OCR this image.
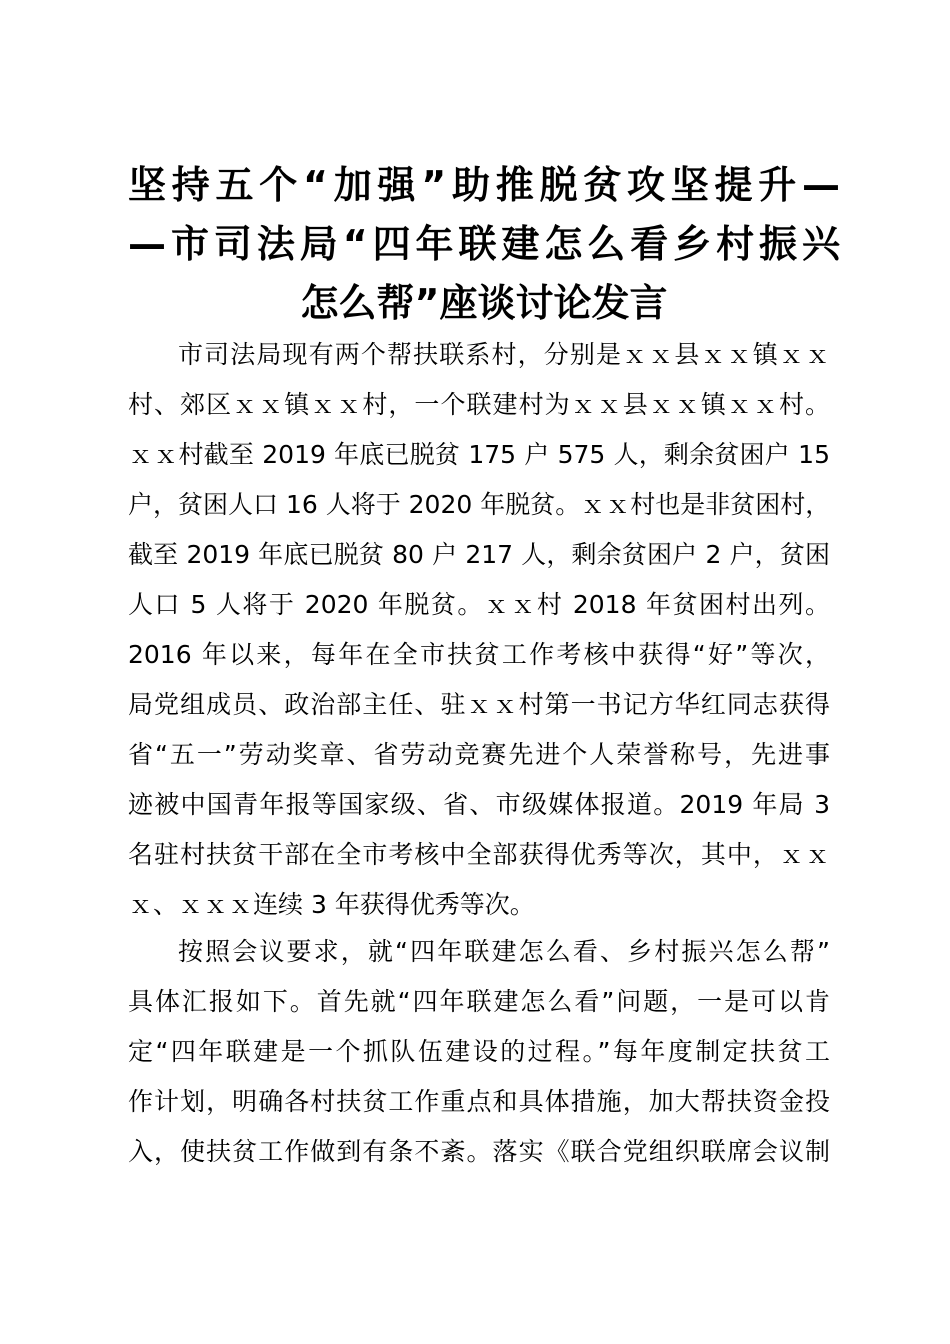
坚持五个“加强”助推脱贫攻坚提升—
—市司法局“四年联建怎么看乡村振兴
怎么帮”座谈讨论发言
市司法局现有两个帮扶联系村，分别是ｘｘ县ｘｘ镇ｘｘ
村、郊区ｘｘ镇ｘｘ村，一个联建村为ｘｘ县ｘｘ镇ｘｘ村。
ｘｘ村截至 2019 年底已脱贫 175 户 575 人，剩余贫困户 15
户，贫困人口 16 人将于 2020 年脱贫。ｘｘ村也是非贫困村，
截至 2019 年底已脱贫 80 户 217 人，剩余贫困户 2 户，贫困
人口 5 人将于 2020 年脱贫。ｘｘ村 2018 年贫困村出列。
2016 年以来，每年在全市扶贫工作考核中获得“好”等次，
局党组成员、政治部主任、驻ｘｘ村第一书记方华红同志获得
省“五一”劳动奖章、省劳动竞赛先进个人荣誉称号，先进事
迹被中国青年报等国家级、省、市级媒体报道。2019 年局 3
名驻村扶贫干部在全市考核中全部获得优秀等次，其中，ｘｘ
ｘ、ｘｘｘ连续 3 年获得优秀等次。
按照会议要求，就“四年联建怎么看、乡村振兴怎么帮”
具体汇报如下。首先就“四年联建怎么看”问题，一是可以肯
定“四年联建是一个抓队伍建设的过程。”每年度制定扶贫工
作计划，明确各村扶贫工作重点和具体措施，加大帮扶资金投
入，使扶贫工作做到有条不紊。落实《联合党组织联席会议制
